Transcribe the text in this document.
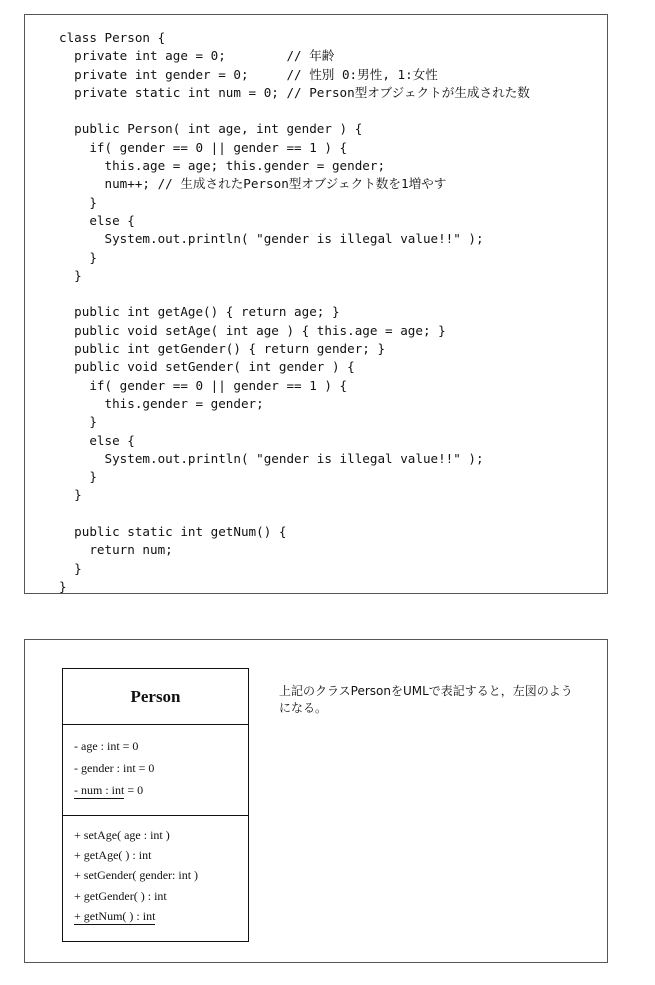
class Person {
private int age = 0;        // 年齢
private int gender = 0;     // 性別 0:男性, 1:女性
private static int num = 0; // Person型オブジェクトが生成された数
public Person( int age, int gender ) {
if( gender == 0 || gender == 1 ) {
this.age = age; this.gender = gender;
num++; // 生成されたPerson型オブジェクト数を1増やす
}
else {
System.out.println( "gender is illegal value!!" );
}
}
public int getAge() { return age; }
public void setAge( int age ) { this.age = age; }
public int getGender() { return gender; }
public void setGender( int gender ) {
if( gender == 0 || gender == 1 ) {
this.gender = gender;
}
else {
System.out.println( "gender is illegal value!!" );
}
}
public static int getNum() {
return num;
}
}
Person
- age : int = 0
- gender : int = 0
- num : int = 0
+ setAge( age : int )
+ getAge( ) : int
+ setGender( gender: int )
+ getGender( ) : int
+ getNum( ) : int
上記のクラスPersonをUMLで表記すると，左図のようになる。
